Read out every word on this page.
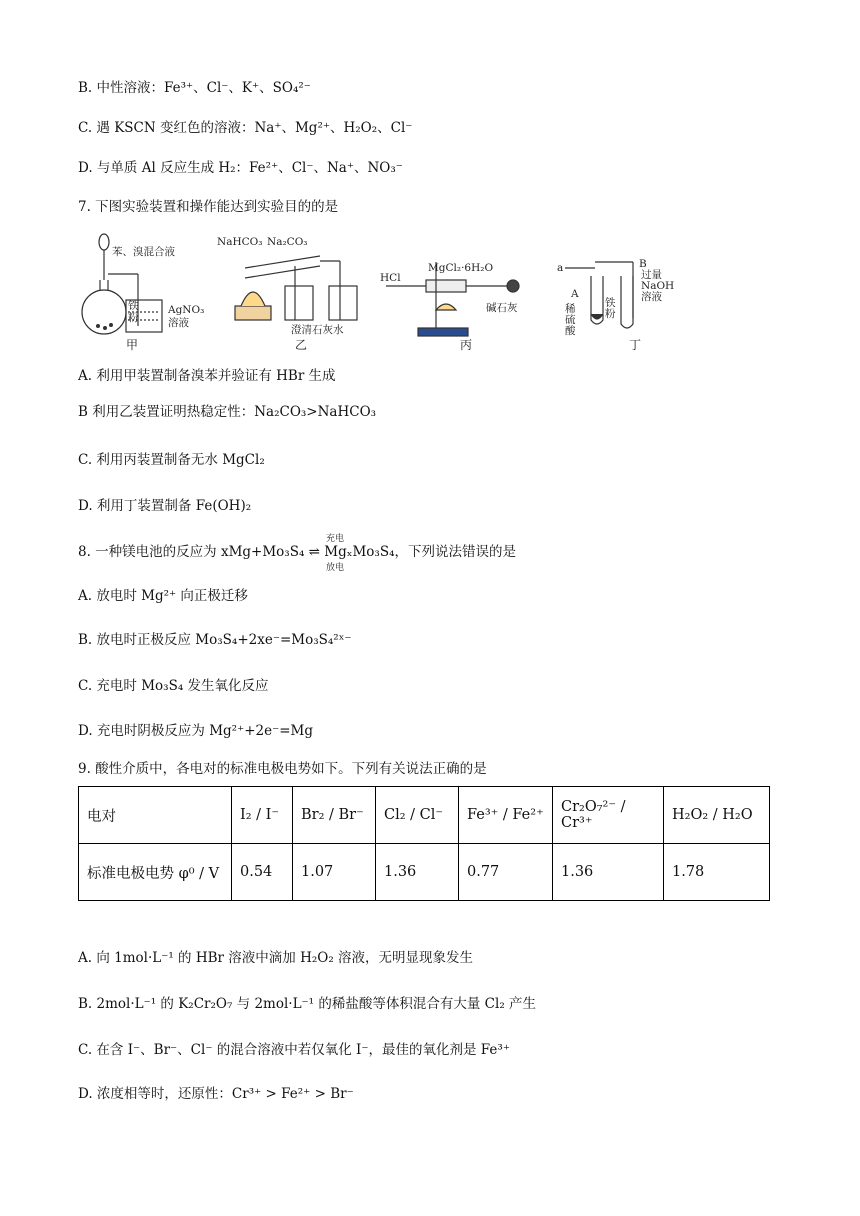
B. 中性溶液：Fe³⁺、Cl⁻、K⁺、SO₄²⁻
C. 遇 KSCN 变红色的溶液：Na⁺、Mg²⁺、H₂O₂、Cl⁻
D. 与单质 Al 反应生成 H₂：Fe²⁺、Cl⁻、Na⁺、NO₃⁻
7. 下图实验装置和操作能达到实验目的的是
苯、溴混合液
铁
粉
AgNO₃
溶液
甲
NaHCO₃ Na₂CO₃
澄清石灰水
乙
HCl
MgCl₂·6H₂O
碱石灰
丙
a
A
B
稀
硫
酸
铁
粉
过量
NaOH
溶液
丁
A. 利用甲装置制备溴苯并验证有 HBr 生成
B 利用乙装置证明热稳定性：Na₂CO₃>NaHCO₃
C. 利用丙装置制备无水 MgCl₂
D. 利用丁装置制备 Fe(OH)₂
8. 一种镁电池的反应为 xMg+Mo₃S₄ ⇌ MgₓMo₃S₄，下列说法错误的是
充电
放电
A. 放电时 Mg²⁺ 向正极迁移
B. 放电时正极反应 Mo₃S₄+2xe⁻=Mo₃S₄²ˣ⁻
C. 充电时 Mo₃S₄ 发生氧化反应
D. 充电时阴极反应为 Mg²⁺+2e⁻=Mg
9. 酸性介质中，各电对的标准电极电势如下。下列有关说法正确的是
电对	I₂ / I⁻	Br₂ / Br⁻	Cl₂ / Cl⁻	Fe³⁺ / Fe²⁺	Cr₂O₇²⁻ / Cr³⁺	H₂O₂ / H₂O
标准电极电势 φ⁰ / V	0.54	1.07	1.36	0.77	1.36	1.78
A. 向 1mol·L⁻¹ 的 HBr 溶液中滴加 H₂O₂ 溶液，无明显现象发生
B. 2mol·L⁻¹ 的 K₂Cr₂O₇ 与 2mol·L⁻¹ 的稀盐酸等体积混合有大量 Cl₂ 产生
C. 在含 I⁻、Br⁻、Cl⁻ 的混合溶液中若仅氧化 I⁻，最佳的氧化剂是 Fe³⁺
D. 浓度相等时，还原性：Cr³⁺ > Fe²⁺ > Br⁻
